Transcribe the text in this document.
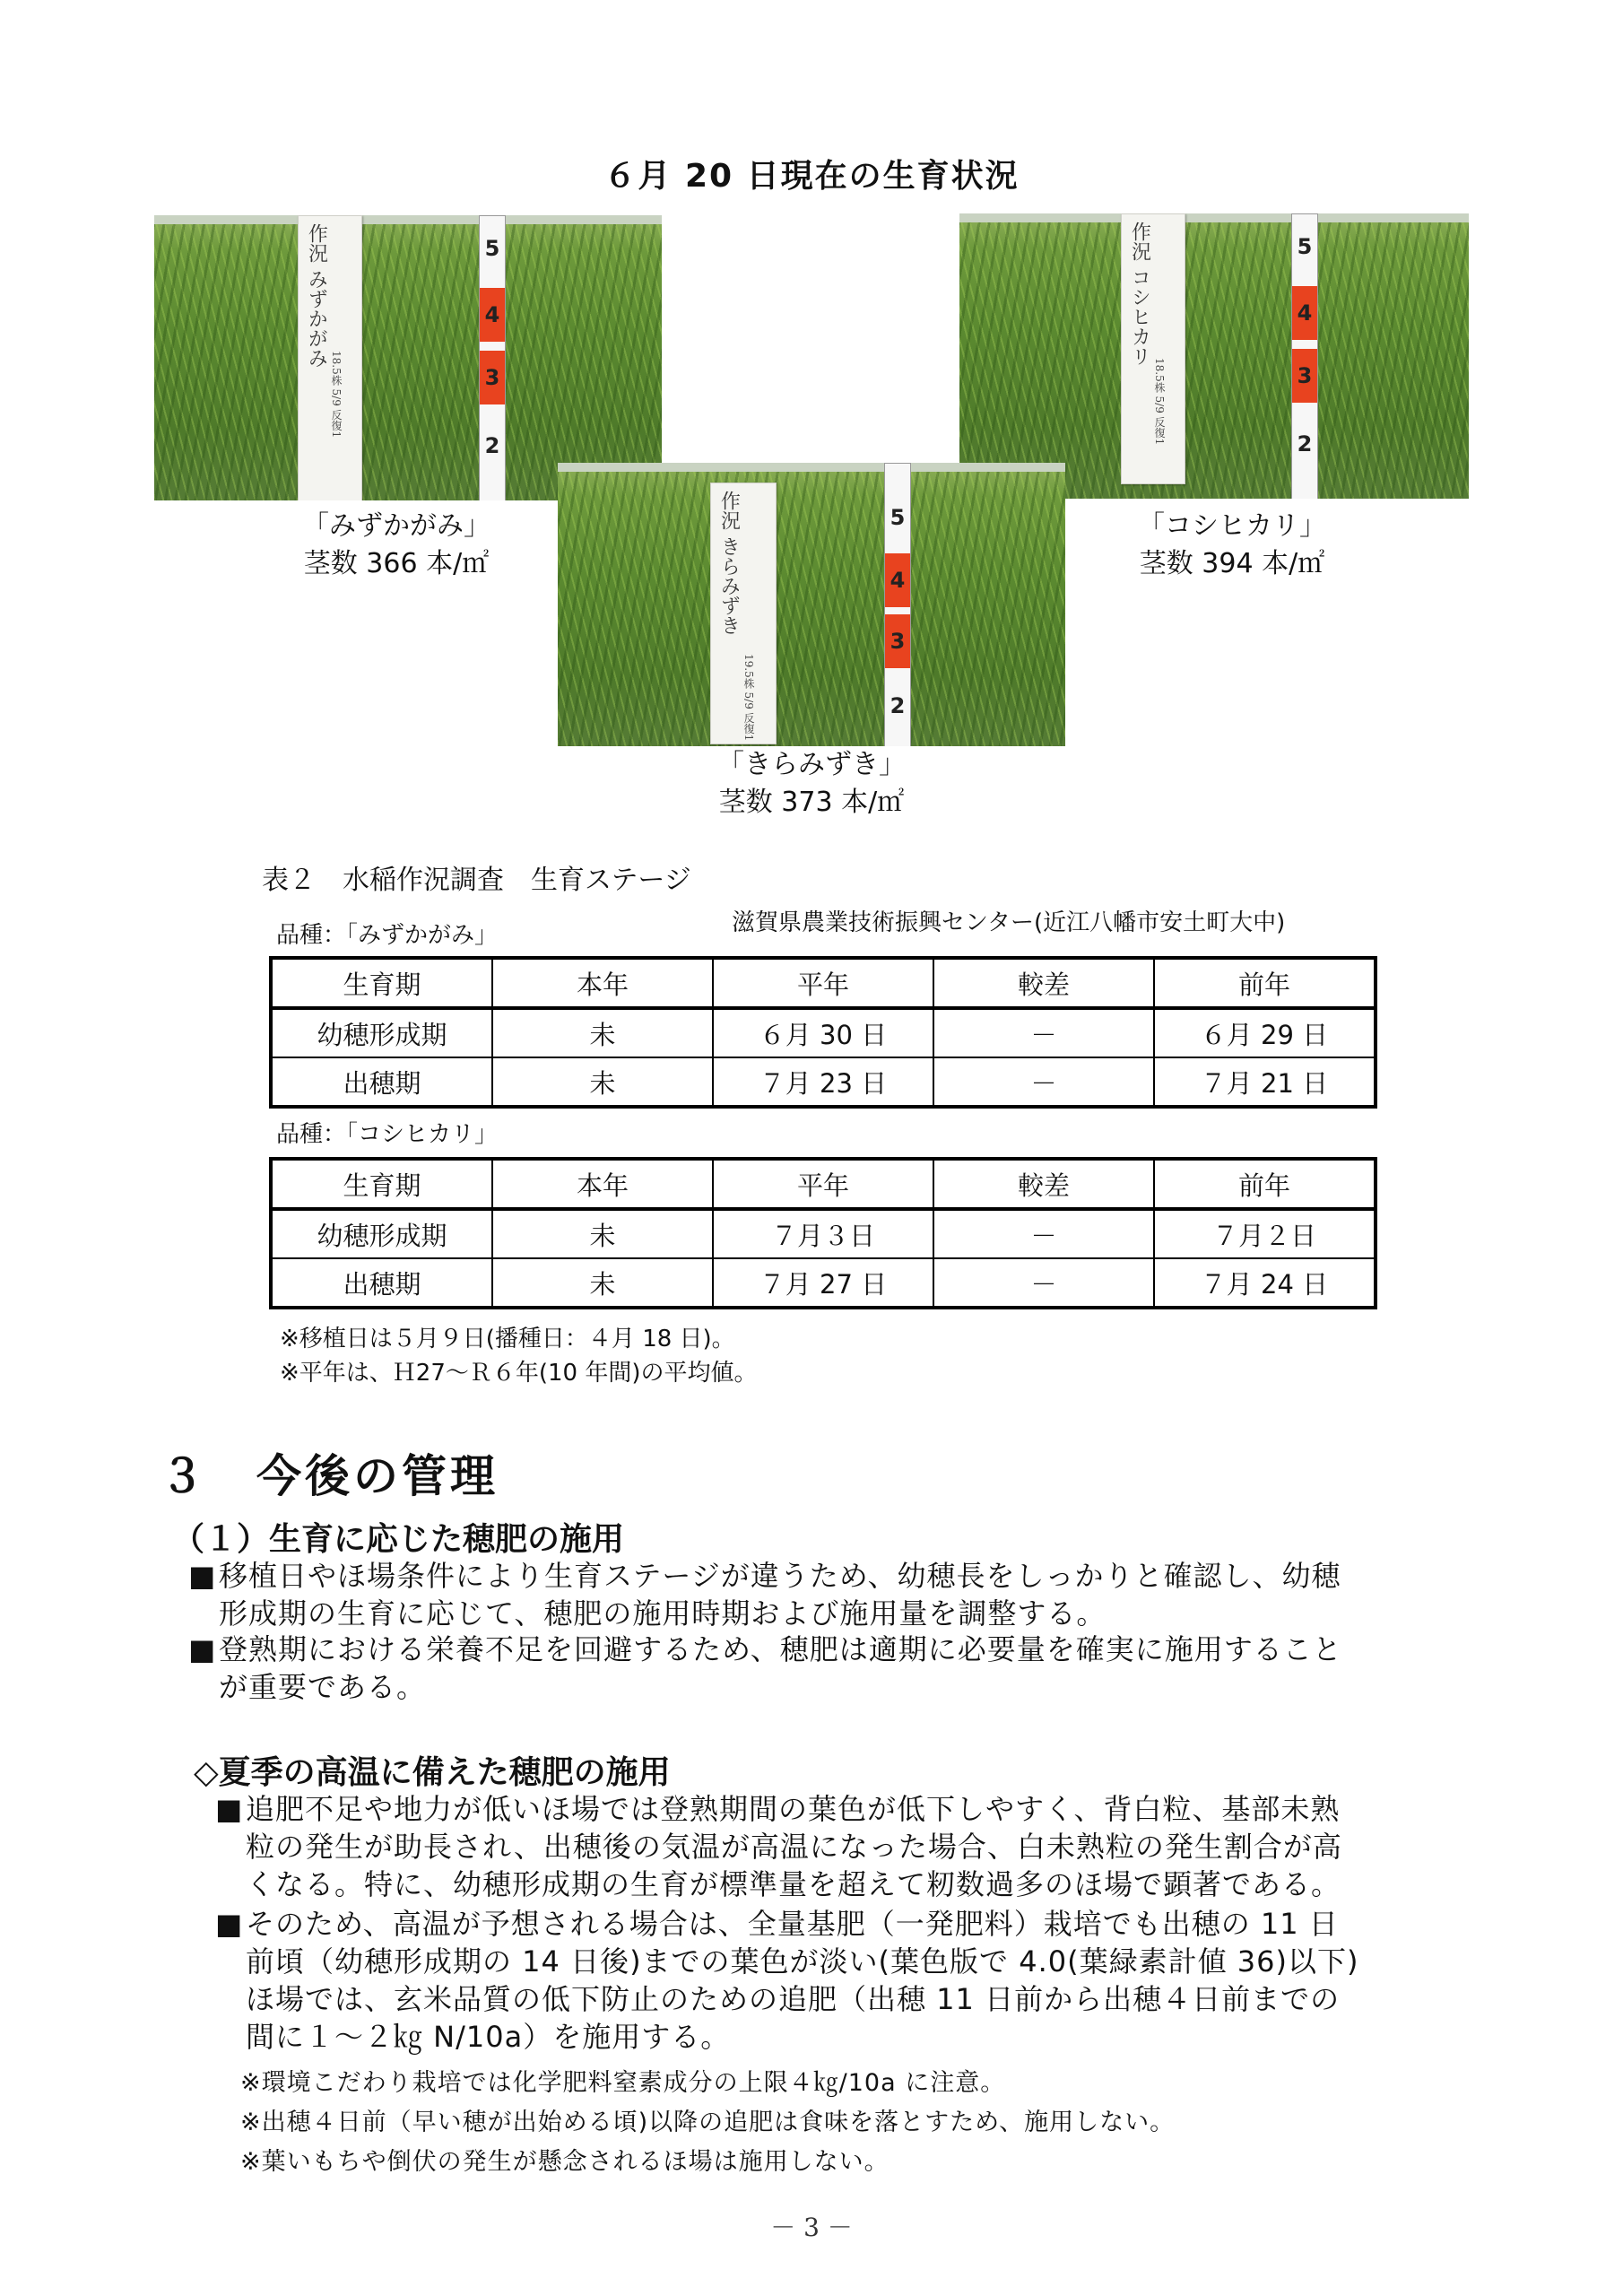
６月 20 日現在の生育状況
作況 みずかがみ
18.5株 5/9 反復1
5
4
3
2
「みずかがみ」
茎数 366 本/㎡
作況 コシヒカリ
18.5株 5/9 反復1
5
4
3
2
「コシヒカリ」
茎数 394 本/㎡
作況 きらみずき
19.5株 5/9 反復1
5
4
3
2
「きらみずき」
茎数 373 本/㎡
表２　水稲作況調査　生育ステージ
滋賀県農業技術振興センター(近江八幡市安土町大中)
品種：「みずかがみ」
生育期	本年	平年	較差	前年
幼穂形成期	未	６月 30 日	－	６月 29 日
出穂期	未	７月 23 日	－	７月 21 日
品種：「コシヒカリ」
生育期	本年	平年	較差	前年
幼穂形成期	未	７月３日	－	７月２日
出穂期	未	７月 27 日	－	７月 24 日
※移植日は５月９日(播種日：４月 18 日)。
※平年は、Ｈ27～Ｒ６年(10 年間)の平均値。
３　今後の管理
（１）生育に応じた穂肥の施用
■ 移植日やほ場条件により生育ステージが違うため、幼穂長をしっかりと確認し、幼穂
形成期の生育に応じて、穂肥の施用時期および施用量を調整する。
■ 登熟期における栄養不足を回避するため、穂肥は適期に必要量を確実に施用すること
が重要である。
◇夏季の高温に備えた穂肥の施用
■ 追肥不足や地力が低いほ場では登熟期間の葉色が低下しやすく、背白粒、基部未熟
粒の発生が助長され、出穂後の気温が高温になった場合、白未熟粒の発生割合が高
くなる。特に、幼穂形成期の生育が標準量を超えて籾数過多のほ場で顕著である。
■ そのため、高温が予想される場合は、全量基肥（一発肥料）栽培でも出穂の 11 日
前頃（幼穂形成期の 14 日後)までの葉色が淡い(葉色版で 4.0(葉緑素計値 36)以下)
ほ場では、玄米品質の低下防止のための追肥（出穂 11 日前から出穂４日前までの
間に１～２㎏ N/10a）を施用する。
※環境こだわり栽培では化学肥料窒素成分の上限４㎏/10a に注意。
※出穂４日前（早い穂が出始める頃)以降の追肥は食味を落とすため、施用しない。
※葉いもちや倒伏の発生が懸念されるほ場は施用しない。
－ 3 －
